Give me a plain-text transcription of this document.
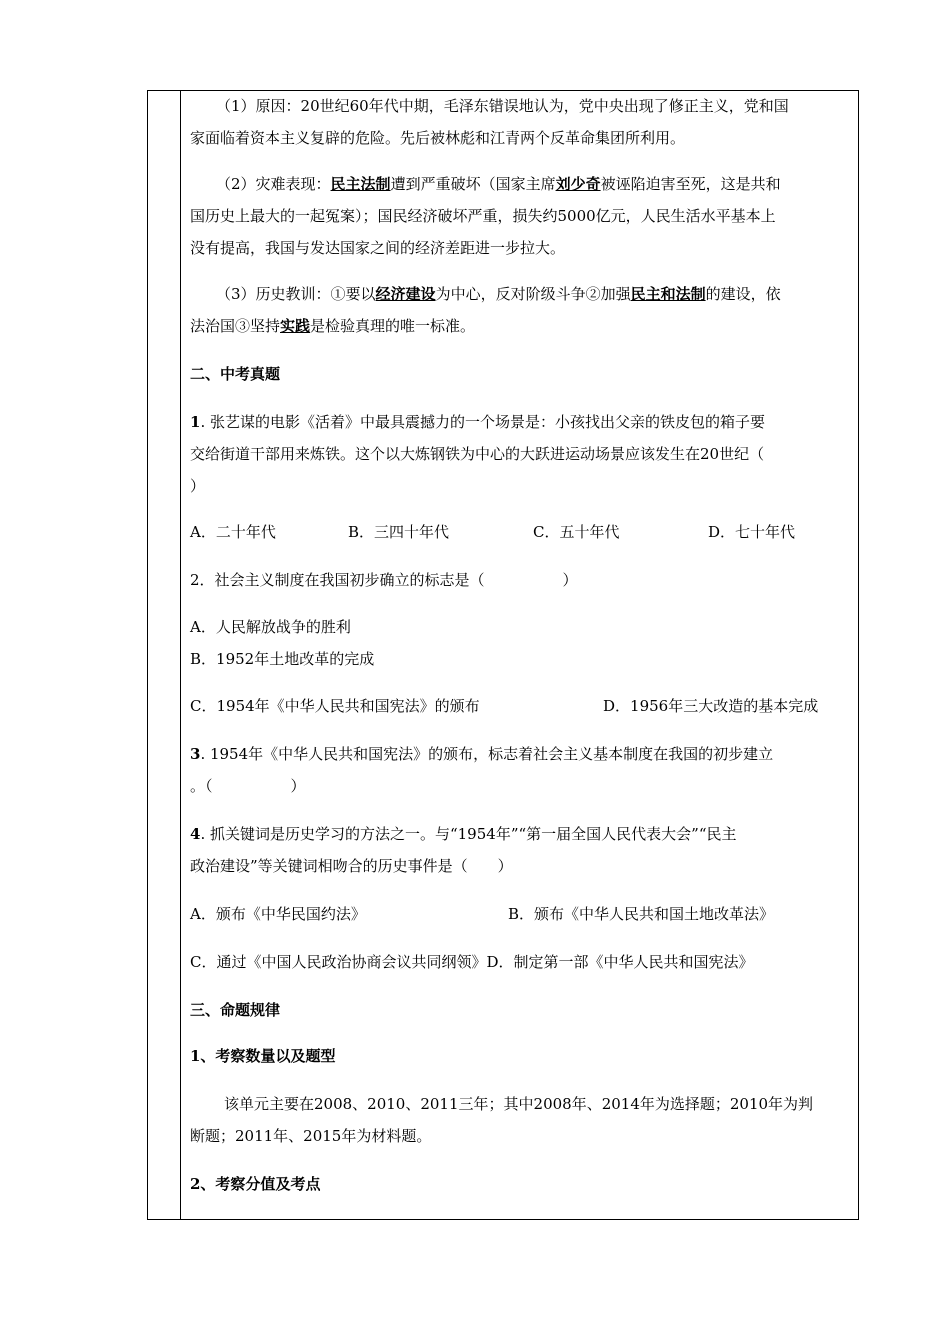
（1）原因：20世纪60年代中期，毛泽东错误地认为，党中央出现了修正主义，党和国
家面临着资本主义复辟的危险。先后被林彪和江青两个反革命集团所利用。
（2）灾难表现：民主法制遭到严重破坏（国家主席刘少奇被诬陷迫害至死，这是共和
国历史上最大的一起冤案）；国民经济破坏严重，损失约5000亿元，人民生活水平基本上
没有提高，我国与发达国家之间的经济差距进一步拉大。
（3）历史教训：①要以经济建设为中心，反对阶级斗争②加强民主和法制的建设，依
法治国③坚持实践是检验真理的唯一标准。
二、中考真题
1. 张艺谋的电影《活着》中最具震撼力的一个场景是：小孩找出父亲的铁皮包的箱子要
交给街道干部用来炼铁。这个以大炼钢铁为中心的大跃进运动场景应该发生在20世纪（
）
A．二十年代	B．三四十年代	C．五十年代	D．七十年代
2．社会主义制度在我国初步确立的标志是（	）
A．人民解放战争的胜利
B．1952年土地改革的完成
C．1954年《中华人民共和国宪法》的颁布	D．1956年三大改造的基本完成
3. 1954年《中华人民共和国宪法》的颁布，标志着社会主义基本制度在我国的初步建立
。（	）
4. 抓关键词是历史学习的方法之一。与“1954年”“第一届全国人民代表大会”“民主
政治建设”等关键词相吻合的历史事件是（　　）
A．颁布《中华民国约法》	B．颁布《中华人民共和国土地改革法》
C．通过《中国人民政治协商会议共同纲领》D．制定第一部《中华人民共和国宪法》
三、命题规律
1、考察数量以及题型
该单元主要在2008、2010、2011三年；其中2008年、2014年为选择题；2010年为判
断题；2011年、2015年为材料题。
2、考察分值及考点
